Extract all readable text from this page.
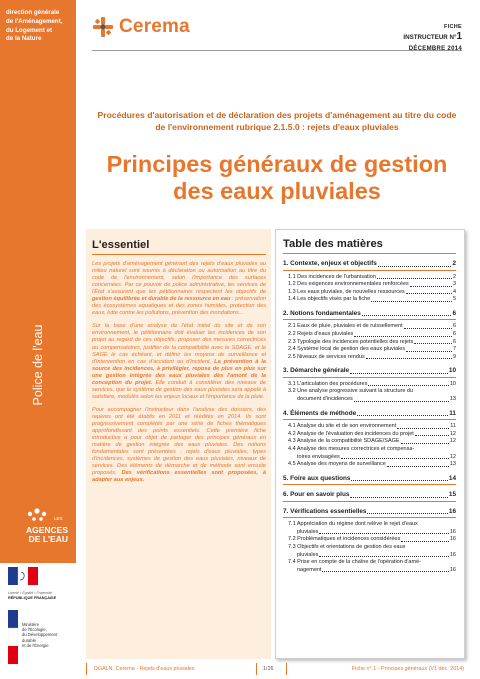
direction générale
de l'Aménagement,
du Logement et
de la Nature
Police de l'eau
LES
AGENCES
DE L'EAU
Liberté • Égalité • Fraternité
RÉPUBLIQUE FRANÇAISE
Ministère
de l'Écologie,
du Développement
durable
et de l'Énergie
Cerema	FICHE
INSTRUCTEUR N°1
DÉCEMBRE 2014
Procédures d'autorisation et de déclaration des projets d'aménagement au titre du code de l'environnement rubrique 2.1.5.0 : rejets d'eaux pluviales
Principes généraux de gestion des eaux pluviales
L'essentiel

Les projets d'aménagement générant des rejets d'eaux pluviales au milieu naturel sont soumis à déclaration ou autorisation au titre du code de l'environnement, selon l'importance des surfaces concernées. Par ce pouvoir de police administrative, les services de l'État s'assurent que les pétitionnaires respectent les objectifs de gestion équilibrée et durable de la ressource en eau : préservation des écosystèmes aquatiques et des zones humides, protection des eaux, lutte contre les pollutions, prévention des inondations...

Sur la base d'une analyse de l'état initial du site et de son environnement, le pétitionnaire doit évaluer les incidences de son projet au regard de ces objectifs, proposer des mesures correctrices ou compensatoires, justifier de la compatibilité avec le SDAGE, et le SAGE le cas échéant, et définir les moyens de surveillance et d'intervention en cas d'accident ou d'incident. La prévention à la source des incidences, à privilégier, repose de plus en plus sur une gestion intégrée des eaux pluviales dès l'amont de la conception du projet. Elle conduit à considérer des niveaux de services, que le système de gestion des eaux pluviales sera appelé à satisfaire, modulés selon les enjeux locaux et l'importance de la pluie.

Pour accompagner l'instructeur dans l'analyse des dossiers, des repères ont été établis en 2011 et réédités en 2014. Ils sont progressivement complétés par une série de fiches thématiques approfondissant des points essentiels. Cette première fiche introductive a pour objet de partager des principes généraux en matière de gestion intégrée des eaux pluviales. Des notions fondamentales sont présentées : rejets d'eaux pluviales, types d'incidences, systèmes de gestion des eaux pluviales, niveaux de services. Des éléments de démarche et de méthode sont ensuite proposés. Des vérifications essentielles sont proposées, à adapter aux enjeux.

Table des matières
1. Contexte, enjeux et objectifs	2
1.1 Des incidences de l'urbanisation	2
1.2 Des exigences environnementales renforcées	3
1.3 Les eaux pluviales, de nouvelles ressources	4
1.4 Les objectifs visés par la fiche	5
2. Notions fondamentales	6
2.1 Eaux de pluie, pluviales et de ruissellement	6
2.2 Rejets d'eaux pluviales	6
2.3 Typologie des incidences potentielles des rejets	6
2.4 Système local de gestion des eaux pluviales	7
2.5 Niveaux de services rendus	9
3. Démarche générale	10
3.1 L'articulation des procédures	10
3.2 Une analyse progressive suivant la structure du
document d'incidences	13
4. Éléments de méthode	11
4.1 Analyse du site et de son environnement	11
4.2 Analyse de l'évaluation des incidences du projet	12
4.3 Analyse de la compatibilité SDAGE/SAGE	12
4.4 Analyse des mesures correctrices et compensa-
toires envisagées	12
4.5 Analyse des moyens de surveillance	13
5. Foire aux questions	14
6. Pour en savoir plus	15
7. Vérifications essentielles	16
7.1 Appréciation du régime dont relève le rejet d'eaux
pluviales	16
7.2 Problématiques et incidences considérées	16
7.3 Objectifs et orientations de gestion des eaux
pluviales	16
7.4 Prise en compte de la chaîne de l'opération d'amé-
nagement	16
DGALN, Cerema - Rejets d'eaux pluviales	1/16	Fiche n° 1 - Principes généraux (V1 déc. 2014)
